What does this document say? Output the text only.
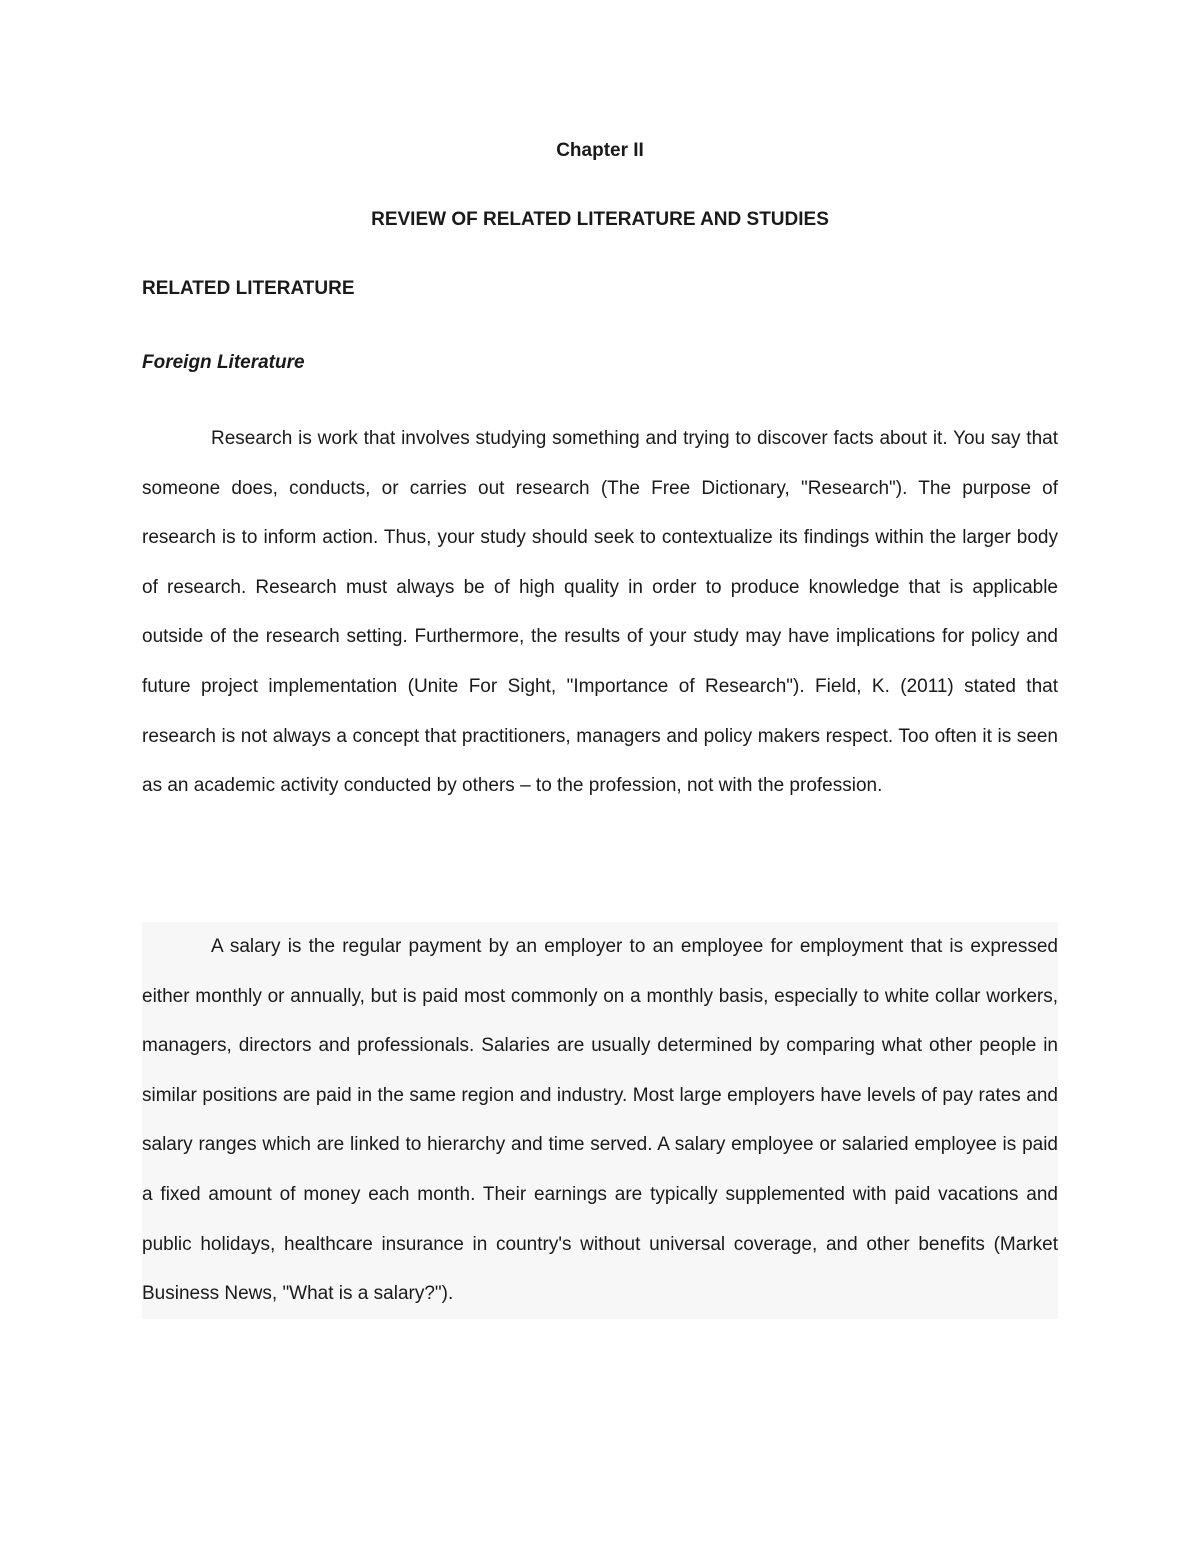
Chapter II
REVIEW OF RELATED LITERATURE AND STUDIES
RELATED LITERATURE
Foreign Literature

Research is work that involves studying something and trying to discover facts about it. You say that someone does, conducts, or carries out research (The Free Dictionary, "Research"). The purpose of research is to inform action. Thus, your study should seek to contextualize its findings within the larger body of research. Research must always be of high quality in order to produce knowledge that is applicable outside of the research setting. Furthermore, the results of your study may have implications for policy and future project implementation (Unite For Sight, "Importance of Research"). Field, K. (2011) stated that research is not always a concept that practitioners, managers and policy makers respect. Too often it is seen as an academic activity conducted by others – to the profession, not with the profession.

A salary is the regular payment by an employer to an employee for employment that is expressed either monthly or annually, but is paid most commonly on a monthly basis, especially to white collar workers, managers, directors and professionals. Salaries are usually determined by comparing what other people in similar positions are paid in the same region and industry. Most large employers have levels of pay rates and salary ranges which are linked to hierarchy and time served. A salary employee or salaried employee is paid a fixed amount of money each month. Their earnings are typically supplemented with paid vacations and public holidays, healthcare insurance in country's without universal coverage, and other benefits (Market Business News, "What is a salary?").
